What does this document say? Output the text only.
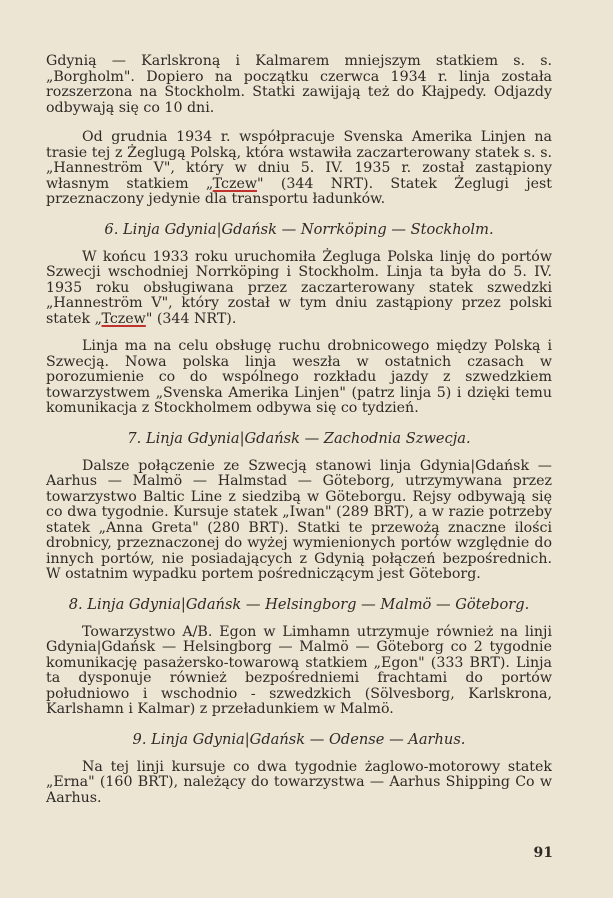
Gdynią — Karlskroną i Kalmarem mniejszym statkiem s. s. „Borgholm". Dopiero na początku czerwca 1934 r. linja została rozszerzona na Stockholm. Statki zawijają też do Kłajpedy. Odjazdy odbywają się co 10 dni.

Od grudnia 1934 r. współpracuje Svenska Amerika Linjen na trasie tej z Żeglugą Polską, która wstawiła zaczarterowany statek s. s. „Hanneström V", który w dniu 5. IV. 1935 r. został zastąpiony własnym statkiem „Tczew" (344 NRT). Statek Żeglugi jest przeznaczony jedynie dla transportu ładunków.

6. Linja Gdynia|Gdańsk — Norrköping — Stockholm.

W końcu 1933 roku uruchomiła Żegluga Polska linję do portów Szwecji wschodniej Norrköping i Stockholm. Linja ta była do 5. IV. 1935 roku obsługiwana przez zaczarterowany statek szwedzki „Hanneström V", który został w tym dniu zastąpiony przez polski statek „Tczew" (344 NRT).

Linja ma na celu obsługę ruchu drobnicowego między Polską i Szwecją. Nowa polska linja weszła w ostatnich czasach w porozumienie co do wspólnego rozkładu jazdy z szwedzkiem towarzystwem „Svenska Amerika Linjen" (patrz linja 5) i dzięki temu komunikacja z Stockholmem odbywa się co tydzień.

7. Linja Gdynia|Gdańsk — Zachodnia Szwecja.

Dalsze połączenie ze Szwecją stanowi linja Gdynia|Gdańsk — Aarhus — Malmö — Halmstad — Göteborg, utrzymywana przez towarzystwo Baltic Line z siedzibą w Göteborgu. Rejsy odbywają się co dwa tygodnie. Kursuje statek „Iwan" (289 BRT), a w razie potrzeby statek „Anna Greta" (280 BRT). Statki te przewożą znaczne ilości drobnicy, przeznaczonej do wyżej wymienionych portów względnie do innych portów, nie posiadających z Gdynią połączeń bezpośrednich. W ostatnim wypadku portem pośredniczącym jest Göteborg.

8. Linja Gdynia|Gdańsk — Helsingborg — Malmö — Göteborg.

Towarzystwo A/B. Egon w Limhamn utrzymuje również na linji Gdynia|Gdańsk — Helsingborg — Malmö — Göteborg co 2 tygodnie komunikację pasażersko-towarową statkiem „Egon" (333 BRT). Linja ta dysponuje również bezpośredniemi frachtami do portów południowo i wschodnio - szwedzkich (Sölvesborg, Karlskrona, Karlshamn i Kalmar) z przeładunkiem w Malmö.

9. Linja Gdynia|Gdańsk — Odense — Aarhus.

Na tej linji kursuje co dwa tygodnie żaglowo-motorowy statek „Erna" (160 BRT), należący do towarzystwa — Aarhus Shipping Co w Aarhus.

91
